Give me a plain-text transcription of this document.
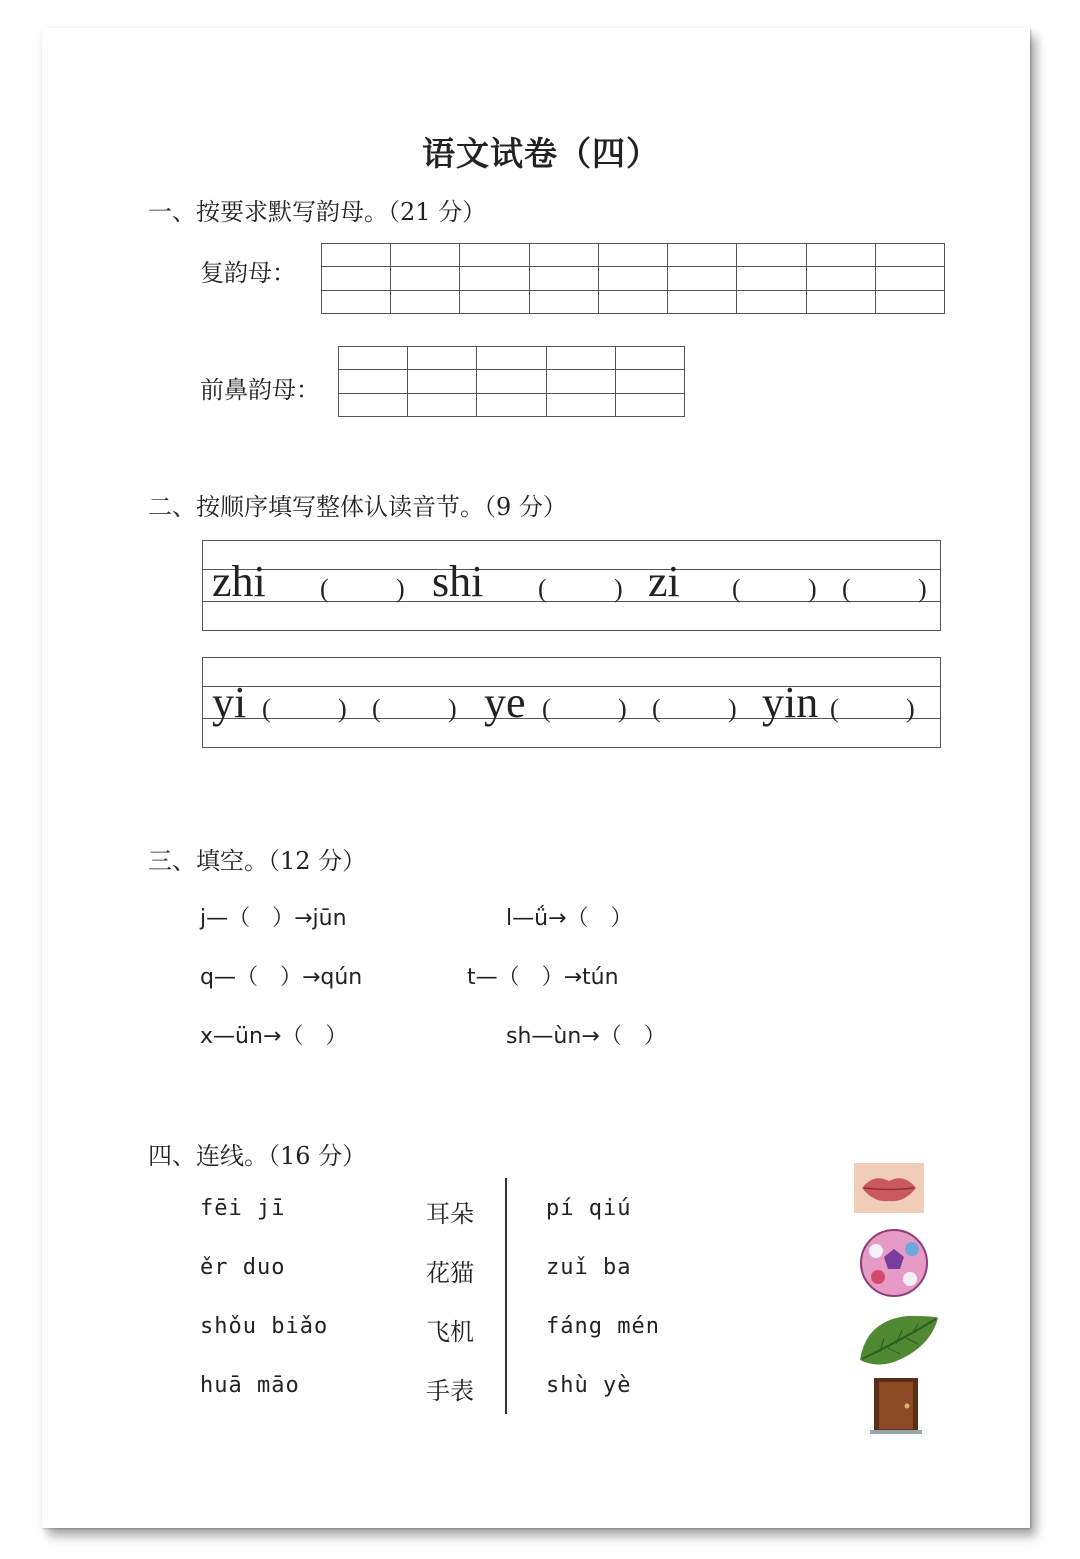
语文试卷（四）
一、按要求默写韵母。（21 分）
复韵母：

前鼻韵母：

二、按顺序填写整体认读音节。（9 分）
zhi (	) shi (	) zi (	) (	)
yi (	) (	) ye (	) (	) yin (	)
三、填空。（12 分）
j—（　）→jūn	l—ǘ→（　）
q—（　）→qún	t—（　）→tún
x—ün→（　）	sh—ùn→（　）
四、连线。（16 分）
fēi jī
ěr duo
shǒu biǎo
huā māo
耳朵
花猫
飞机
手表
pí qiú
zuǐ ba
fáng mén
shù yè
